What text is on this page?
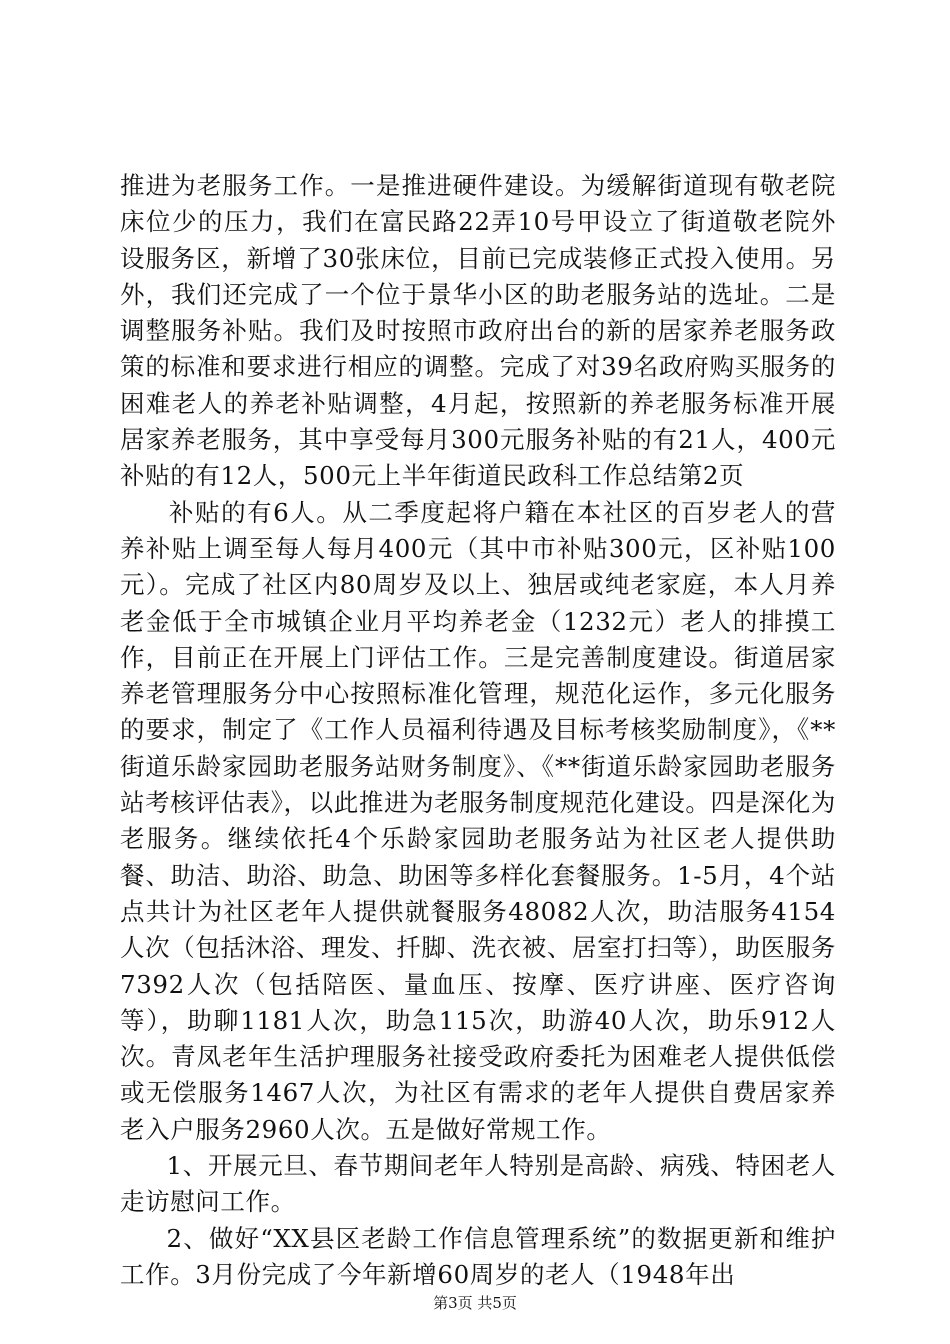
推进为老服务工作。一是推进硬件建设。为缓解街道现有敬老院床位少的压力，我们在富民路22弄10号甲设立了街道敬老院外设服务区，新增了30张床位，目前已完成装修正式投入使用。另外，我们还完成了一个位于景华小区的助老服务站的选址。二是调整服务补贴。我们及时按照市政府出台的新的居家养老服务政策的标准和要求进行相应的调整。完成了对39名政府购买服务的困难老人的养老补贴调整，4月起，按照新的养老服务标准开展居家养老服务，其中享受每月300元服务补贴的有21人，400元补贴的有12人，500元上半年街道民政科工作总结第2页

补贴的有6人。从二季度起将户籍在本社区的百岁老人的营养补贴上调至每人每月400元（其中市补贴300元，区补贴100元）。完成了社区内80周岁及以上、独居或纯老家庭，本人月养老金低于全市城镇企业月平均养老金（1232元）老人的排摸工作，目前正在开展上门评估工作。三是完善制度建设。街道居家养老管理服务分中心按照标准化管理，规范化运作，多元化服务的要求，制定了《工作人员福利待遇及目标考核奖励制度》，《**街道乐龄家园助老服务站财务制度》、《**街道乐龄家园助老服务站考核评估表》，以此推进为老服务制度规范化建设。四是深化为老服务。继续依托4个乐龄家园助老服务站为社区老人提供助餐、助洁、助浴、助急、助困等多样化套餐服务。1-5月，4个站点共计为社区老年人提供就餐服务48082人次，助洁服务4154人次（包括沐浴、理发、扦脚、洗衣被、居室打扫等），助医服务7392人次（包括陪医、量血压、按摩、医疗讲座、医疗咨询等），助聊1181人次，助急115次，助游40人次，助乐912人次。青凤老年生活护理服务社接受政府委托为困难老人提供低偿或无偿服务1467人次，为社区有需求的老年人提供自费居家养老入户服务2960人次。五是做好常规工作。

1、开展元旦、春节期间老年人特别是高龄、病残、特困老人走访慰问工作。

2、做好“XX县区老龄工作信息管理系统”的数据更新和维护工作。3月份完成了今年新增60周岁的老人（1948年出

第3页 共5页
